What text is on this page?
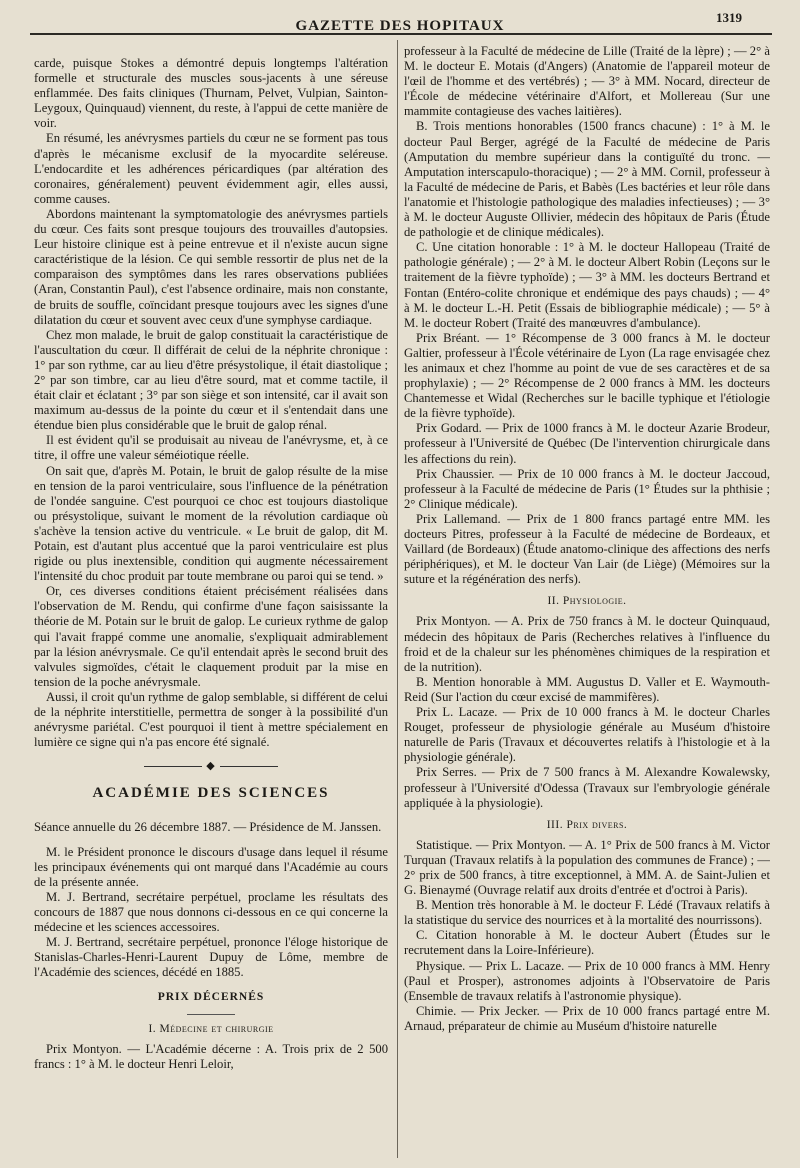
GAZETTE DES HOPITAUX
1319

carde, puisque Stokes a démontré depuis longtemps l'altération formelle et structurale des muscles sous-jacents à une séreuse enflammée. Des faits cliniques (Thurnam, Pelvet, Vulpian, Sainton-Leygoux, Quinquaud) viennent, du reste, à l'appui de cette manière de voir.

En résumé, les anévrysmes partiels du cœur ne se forment pas tous d'après le mécanisme exclusif de la myocardite seléreuse. L'endocardite et les adhérences péricardiques (par altération des coronaires, généralement) peuvent évidemment agir, elles aussi, comme causes.

Abordons maintenant la symptomatologie des anévrysmes partiels du cœur. Ces faits sont presque toujours des trouvailles d'autopsies. Leur histoire clinique est à peine entrevue et il n'existe aucun signe caractéristique de la lésion. Ce qui semble ressortir de plus net de la comparaison des symptômes dans les rares observations publiées (Aran, Constantin Paul), c'est l'absence ordinaire, mais non constante, de bruits de souffle, coïncidant presque toujours avec les signes d'une dilatation du cœur et souvent avec ceux d'une symphyse cardiaque.

Chez mon malade, le bruit de galop constituait la caractéristique de l'auscultation du cœur. Il différait de celui de la néphrite chronique : 1° par son rythme, car au lieu d'être présystolique, il était diastolique ; 2° par son timbre, car au lieu d'être sourd, mat et comme tactile, il était clair et éclatant ; 3° par son siège et son intensité, car il avait son maximum au-dessus de la pointe du cœur et il s'entendait dans une étendue bien plus considérable que le bruit de galop rénal.

Il est évident qu'il se produisait au niveau de l'anévrysme, et, à ce titre, il offre une valeur séméiotique réelle.

On sait que, d'après M. Potain, le bruit de galop résulte de la mise en tension de la paroi ventriculaire, sous l'influence de la pénétration de l'ondée sanguine. C'est pourquoi ce choc est toujours diastolique ou présystolique, suivant le moment de la révolution cardiaque où s'achève la tension active du ventricule. « Le bruit de galop, dit M. Potain, est d'autant plus accentué que la paroi ventriculaire est plus rigide ou plus inextensible, condition qui augmente nécessairement l'intensité du choc produit par toute membrane ou paroi qui se tend. »

Or, ces diverses conditions étaient précisément réalisées dans l'observation de M. Rendu, qui confirme d'une façon saisissante la théorie de M. Potain sur le bruit de galop. Le curieux rythme de galop qui l'avait frappé comme une anomalie, s'expliquait admirablement par la lésion anévrysmale. Ce qu'il entendait après le second bruit des valvules sigmoïdes, c'était le claquement produit par la mise en tension de la poche anévrysmale.

Aussi, il croit qu'un rythme de galop semblable, si différent de celui de la néphrite interstitielle, permettra de songer à la possibilité d'un anévrysme pariétal. C'est pourquoi il tient à mettre spécialement en lumière ce signe qui n'a pas encore été signalé.

◆
ACADÉMIE DES SCIENCES

Séance annuelle du 26 décembre 1887. — Présidence de M. Janssen.

M. le Président prononce le discours d'usage dans lequel il résume les principaux événements qui ont marqué dans l'Académie au cours de la présente année.

M. J. Bertrand, secrétaire perpétuel, proclame les résultats des concours de 1887 que nous donnons ci-dessous en ce qui concerne la médecine et les sciences accessoires.

M. J. Bertrand, secrétaire perpétuel, prononce l'éloge historique de Stanislas-Charles-Henri-Laurent Dupuy de Lôme, membre de l'Académie des sciences, décédé en 1885.

PRIX DÉCERNÉS
I. Médecine et chirurgie

Prix Montyon. — L'Académie décerne : A. Trois prix de 2 500 francs : 1° à M. le docteur Henri Leloir,

professeur à la Faculté de médecine de Lille (Traité de la lèpre) ; — 2° à M. le docteur E. Motais (d'Angers) (Anatomie de l'appareil moteur de l'œil de l'homme et des vertébrés) ; — 3° à MM. Nocard, directeur de l'École de médecine vétérinaire d'Alfort, et Mollereau (Sur une mammite contagieuse des vaches laitières).

B. Trois mentions honorables (1500 francs chacune) : 1° à M. le docteur Paul Berger, agrégé de la Faculté de médecine de Paris (Amputation du membre supérieur dans la contiguïté du tronc. — Amputation interscapulo-thoracique) ; — 2° à MM. Cornil, professeur à la Faculté de médecine de Paris, et Babès (Les bactéries et leur rôle dans l'anatomie et l'histologie pathologique des maladies infectieuses) ; — 3° à M. le docteur Auguste Ollivier, médecin des hôpitaux de Paris (Étude de pathologie et de clinique médicales).

C. Une citation honorable : 1° à M. le docteur Hallopeau (Traité de pathologie générale) ; — 2° à M. le docteur Albert Robin (Leçons sur le traitement de la fièvre typhoïde) ; — 3° à MM. les docteurs Bertrand et Fontan (Entéro-colite chronique et endémique des pays chauds) ; — 4° à M. le docteur L.-H. Petit (Essais de bibliographie médicale) ; — 5° à M. le docteur Robert (Traité des manœuvres d'ambulance).

Prix Bréant. — 1° Récompense de 3 000 francs à M. le docteur Galtier, professeur à l'École vétérinaire de Lyon (La rage envisagée chez les animaux et chez l'homme au point de vue de ses caractères et de sa prophylaxie) ; — 2° Récompense de 2 000 francs à MM. les docteurs Chantemesse et Widal (Recherches sur le bacille typhique et l'étiologie de la fièvre typhoïde).

Prix Godard. — Prix de 1000 francs à M. le docteur Azarie Brodeur, professeur à l'Université de Québec (De l'intervention chirurgicale dans les affections du rein).

Prix Chaussier. — Prix de 10 000 francs à M. le docteur Jaccoud, professeur à la Faculté de médecine de Paris (1° Études sur la phthisie ; 2° Clinique médicale).

Prix Lallemand. — Prix de 1 800 francs partagé entre MM. les docteurs Pitres, professeur à la Faculté de médecine de Bordeaux, et Vaillard (de Bordeaux) (Étude anatomo-clinique des affections des nerfs périphériques), et M. le docteur Van Lair (de Liège) (Mémoires sur la suture et la régénération des nerfs).

II. Physiologie.

Prix Montyon. — A. Prix de 750 francs à M. le docteur Quinquaud, médecin des hôpitaux de Paris (Recherches relatives à l'influence du froid et de la chaleur sur les phénomènes chimiques de la respiration et de la nutrition).

B. Mention honorable à MM. Augustus D. Valler et E. Waymouth-Reid (Sur l'action du cœur excisé de mammifères).

Prix L. Lacaze. — Prix de 10 000 francs à M. le docteur Charles Rouget, professeur de physiologie générale au Muséum d'histoire naturelle de Paris (Travaux et découvertes relatifs à l'histologie et à la physiologie générale).

Prix Serres. — Prix de 7 500 francs à M. Alexandre Kowalewsky, professeur à l'Université d'Odessa (Travaux sur l'embryologie générale appliquée à la physiologie).

III. Prix divers.

Statistique. — Prix Montyon. — A. 1° Prix de 500 francs à M. Victor Turquan (Travaux relatifs à la population des communes de France) ; — 2° prix de 500 francs, à titre exceptionnel, à MM. A. de Saint-Julien et G. Bienaymé (Ouvrage relatif aux droits d'entrée et d'octroi à Paris).

B. Mention très honorable à M. le docteur F. Lédé (Travaux relatifs à la statistique du service des nourrices et à la mortalité des nourrissons).

C. Citation honorable à M. le docteur Aubert (Études sur le recrutement dans la Loire-Inférieure).

Physique. — Prix L. Lacaze. — Prix de 10 000 francs à MM. Henry (Paul et Prosper), astronomes adjoints à l'Observatoire de Paris (Ensemble de travaux relatifs à l'astronomie physique).

Chimie. — Prix Jecker. — Prix de 10 000 francs partagé entre M. Arnaud, préparateur de chimie au Muséum d'histoire naturelle
